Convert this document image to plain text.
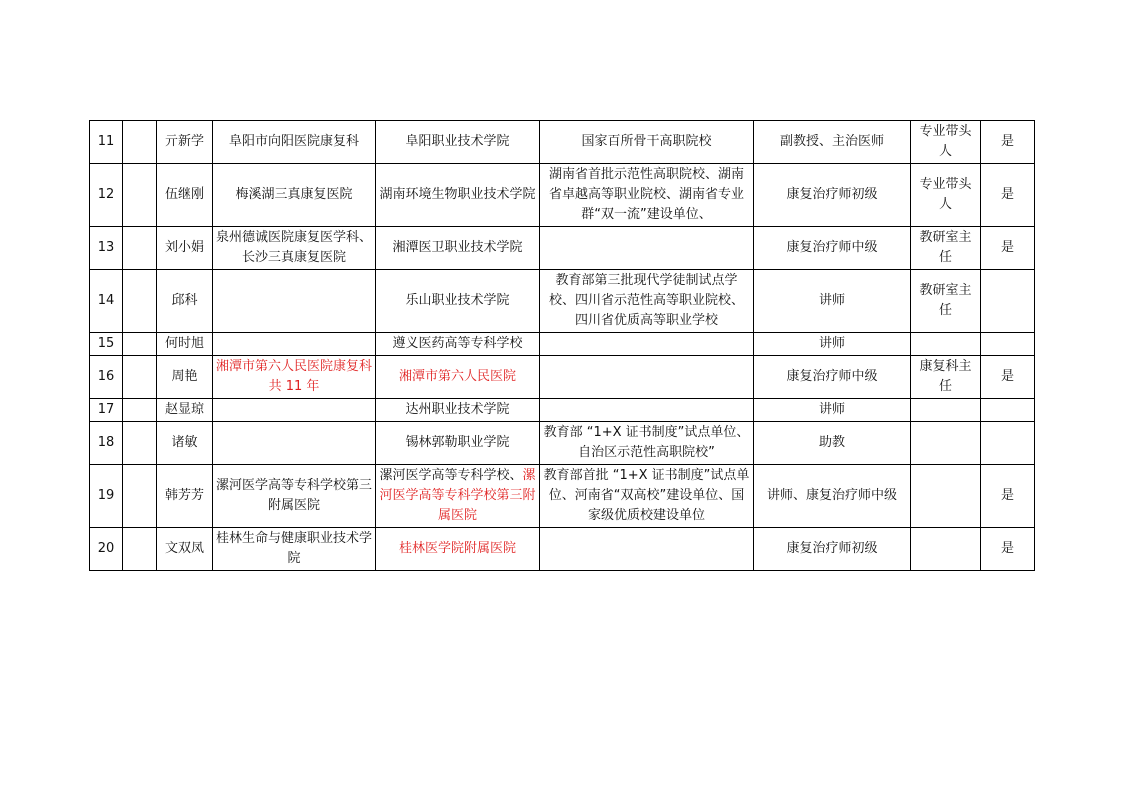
11		亓新学	阜阳市向阳医院康复科	阜阳职业技术学院	国家百所骨干高职院校	副教授、主治医师	专业带头人	是
12		伍继刚	梅溪湖三真康复医院	湖南环境生物职业技术学院	湖南省首批示范性高职院校、湖南省卓越高等职业院校、湖南省专业群“双一流”建设单位、	康复治疗师初级	专业带头人	是
13		刘小娟	泉州德诚医院康复医学科、长沙三真康复医院	湘潭医卫职业技术学院		康复治疗师中级	教研室主任	是
14		邱科		乐山职业技术学院	教育部第三批现代学徒制试点学校、四川省示范性高等职业院校、四川省优质高等职业学校	讲师	教研室主任	
15		何时旭		遵义医药高等专科学校		讲师		
16		周艳	湘潭市第六人民医院康复科共 11 年	湘潭市第六人民医院		康复治疗师中级	康复科主任	是
17		赵显琼		达州职业技术学院		讲师		
18		诸敏		锡林郭勒职业学院	教育部 “1+X 证书制度”试点单位、自治区示范性高职院校”	助教		
19		韩芳芳	漯河医学高等专科学校第三附属医院	漯河医学高等专科学校、漯河医学高等专科学校第三附属医院	教育部首批 “1+X 证书制度”试点单位、河南省“双高校”建设单位、国家级优质校建设单位	讲师、康复治疗师中级		是
20		文双凤	桂林生命与健康职业技术学院	桂林医学院附属医院		康复治疗师初级		是
